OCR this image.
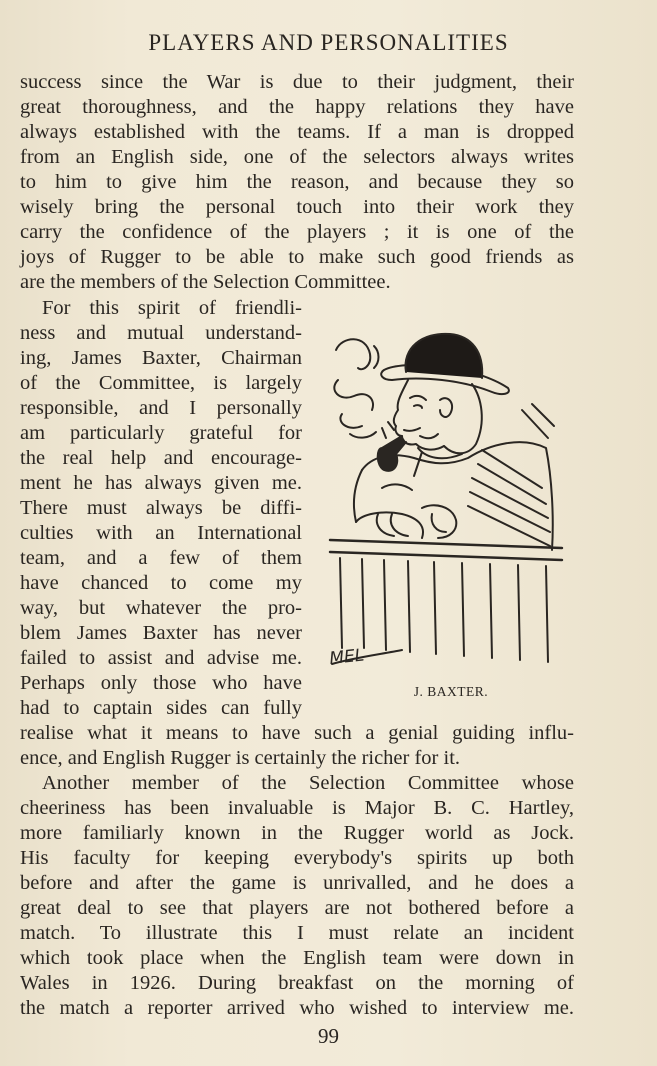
PLAYERS AND PERSONALITIES
success since the War is due to their judgment, their
great thoroughness, and the happy relations they have
always established with the teams. If a man is dropped
from an English side, one of the selectors always writes
to him to give him the reason, and because they so
wisely bring the personal touch into their work they
carry the confidence of the players ; it is one of the
joys of Rugger to be able to make such good friends as
are the members of the Selection Committee.
For this spirit of friendli-
ness and mutual understand-
ing, James Baxter, Chairman
of the Committee, is largely
responsible, and I personally
am particularly grateful for
the real help and encourage-
ment he has always given me.
There must always be diffi-
culties with an International
team, and a few of them
have chanced to come my
way, but whatever the pro-
blem James Baxter has never
failed to assist and advise me.
Perhaps only those who have
had to captain sides can fully
realise what it means to have such a genial guiding influ-
ence, and English Rugger is certainly the richer for it.
Another member of the Selection Committee whose
cheeriness has been invaluable is Major B. C. Hartley,
more familiarly known in the Rugger world as Jock.
His faculty for keeping everybody's spirits up both
before and after the game is unrivalled, and he does a
great deal to see that players are not bothered before a
match. To illustrate this I must relate an incident
which took place when the English team were down in
Wales in 1926. During breakfast on the morning of
the match a reporter arrived who wished to interview me.
MEL
J. BAXTER.
99
